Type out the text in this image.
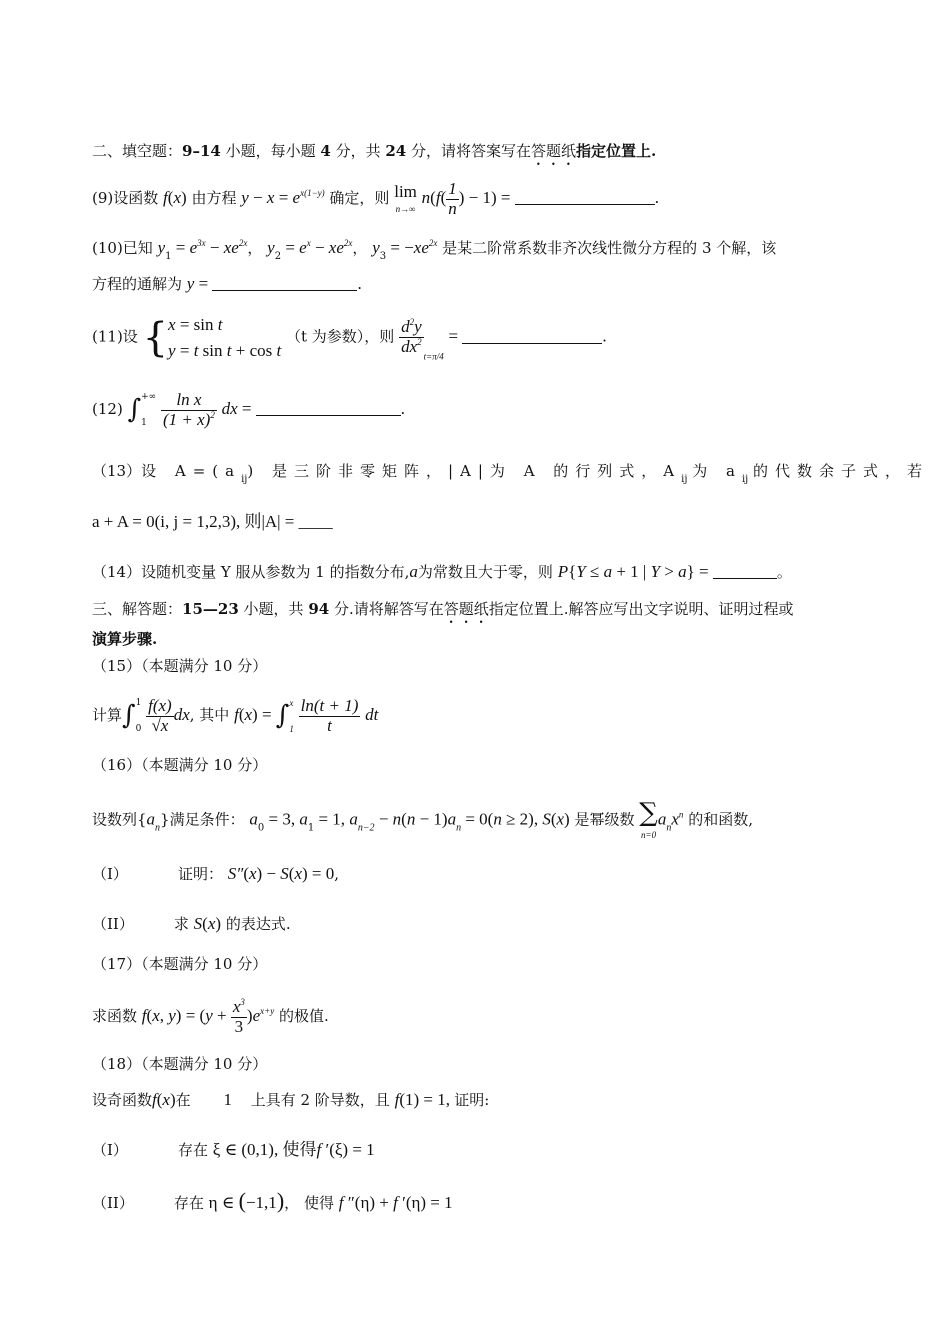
二、填空题：9–14 小题，每小题 4 分，共 24 分，请将答案写在答题纸指定位置上.
(9)设函数 f(x) 由方程 $y - x = e^{x(1-y)}$ 确定，则 lim
n→∞ $n(f( \frac{1}{n}$ ) − 1) =	.
(10)已知 $y_1 = e^{3x} - xe^{2x}$， $y_2 = e^x - xe^{2x}$， $y_3 = -xe^{2x}$ 是某二阶常系数非齐次线性微分方程的 3 个解，该
方程的通解为 y =	.
(11)设 {x = sin t
y = t sin t + cos t （t 为参数），则 $\frac{d^2y}{dx^2} _{t=\pi/4}$ =	.
(12) ∫+∞
$1 \frac{\text{ln x}}{(1 + x)^2}$ dx =	.
（13）设 $A=(a_{ij})$ 是三阶非零矩阵，|A|为 A 的行列式，$A_{ij}$ 为 $a_{ij}$ 的代数余子式，若
a + A = 0(i, j = 1,2,3), 则|A| = ____
（14）设随机变量 Y 服从参数为 1 的指数分布,a为常数且大于零，则 P{Y ≤ a + 1 | Y > a} =	。
三、解答题：15—23 小题，共 94 分.请将解答写在答题纸指定位置上.解答应写出文字说明、证明过程或
演算步骤.
（15）（本题满分 10 分）
计算∫1
$0 \frac{f(x)}{√x}$ dx, 其中 f(x) = ∫x
$1 \frac{\ln(t + 1)}{t}$ dt
（16）（本题满分 10 分）
设数列$\{a_n\}$满足条件： $a_0 = 3$, $a_1 = 1$, $a_{n-2} - n(n - 1)a_n = 0(n \ge 2)$, S(x) 是幂级数 ∑
$n=0a_nx^n$ 的和函数,
（I）	证明： S″(x) − S(x) = 0,
（II）	求 S(x) 的表达式.
（17）（本题满分 10 分）
求函数 f(x, $y) = (y + \frac{x^3}{3} )e^{x+y}$ 的极值.
（18）（本题满分 10 分）
设奇函数f(x)在 1 上具有 2 阶导数，且 f(1) = 1, 证明:
（I）	存在 ξ ∈ (0,1), 使得f ′(ξ) = 1
（II）	存在 η ∈ (−1,1)， 使得 f ″(η) + f ′(η) = 1
